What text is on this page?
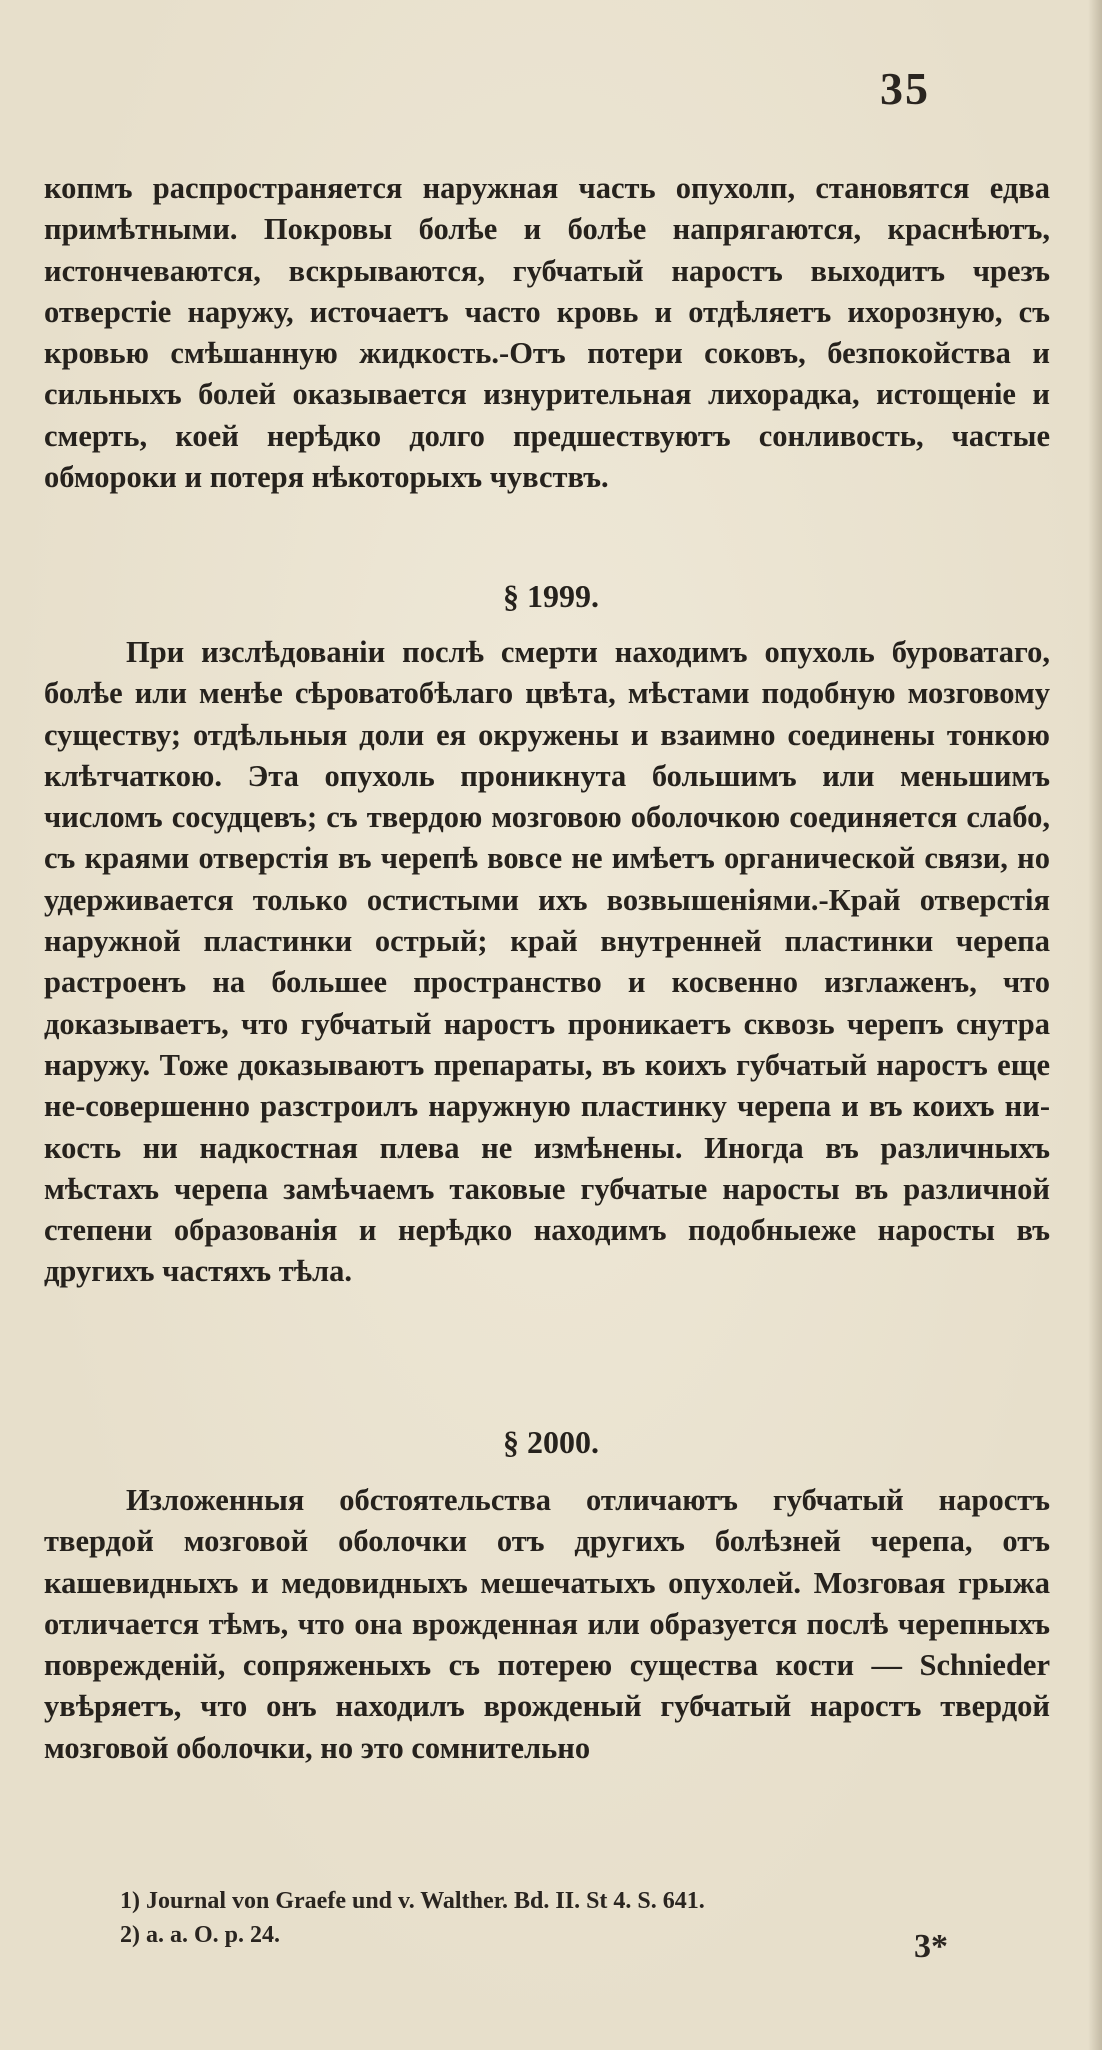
35
копмъ распространяется наружная часть опухолп, становятся едва примѣтными. Покровы болѣе и болѣе напрягаются, краснѣютъ, истончеваются, вскрываются, губчатый наростъ выходитъ чрезъ отверстіе наружу, источаетъ часто кровь и отдѣляетъ ихорозную, съ кровью смѣшанную жидкость.-Отъ потери соковъ, безпокойства и сильныхъ болей оказывается изнурительная лихорадка, истощеніе и смерть, коей нерѣдко долго предшествуютъ сонливость, частые обмороки и потеря нѣкоторыхъ чувствъ.
§ 1999.
При изслѣдованіи послѣ смерти находимъ опухоль буроватаго, болѣе или менѣе сѣроватобѣлаго цвѣта, мѣстами подобную мозговому существу; отдѣльныя доли ея окружены и взаимно соединены тонкою клѣтчаткою. Эта опухоль проникнута большимъ или меньшимъ числомъ сосудцевъ; съ твердою мозговою оболочкою соединяется слабо, съ краями отверстія въ черепѣ вовсе не имѣетъ органической связи, но удерживается только остистыми ихъ возвышеніями.-Край отверстія наружной пластинки острый; край внутренней пластинки черепа растроенъ на большее пространство и косвенно изглаженъ, что доказываетъ, что губчатый наростъ проникаетъ сквозь черепъ снутра наружу. Тоже доказываютъ препараты, въ коихъ губчатый наростъ еще не-совершенно разстроилъ наружную пластинку черепа и въ коихъ ни-кость ни надкостная плева не измѣнены. Иногда въ различныхъ мѣстахъ черепа замѣчаемъ таковые губчатые наросты въ различной степени образованія и нерѣдко находимъ подобныеже наросты въ другихъ частяхъ тѣла.
§ 2000.
Изложенныя обстоятельства отличаютъ губчатый наростъ твердой мозговой оболочки отъ другихъ болѣзней черепа, отъ кашевидныхъ и медовидныхъ мешечатыхъ опухолей. Мозговая грыжа отличается тѣмъ, что она врожденная или образуется послѣ черепныхъ поврежденій, сопряженыхъ съ потерею существа кости — Schnieder увѣряетъ, что онъ находилъ врожденый губчатый наростъ твердой мозговой оболочки, но это сомнительно
1) Journal von Graefe und v. Walther. Bd. II. St 4. S. 641.
2) a. a. O. p. 24.	3*
